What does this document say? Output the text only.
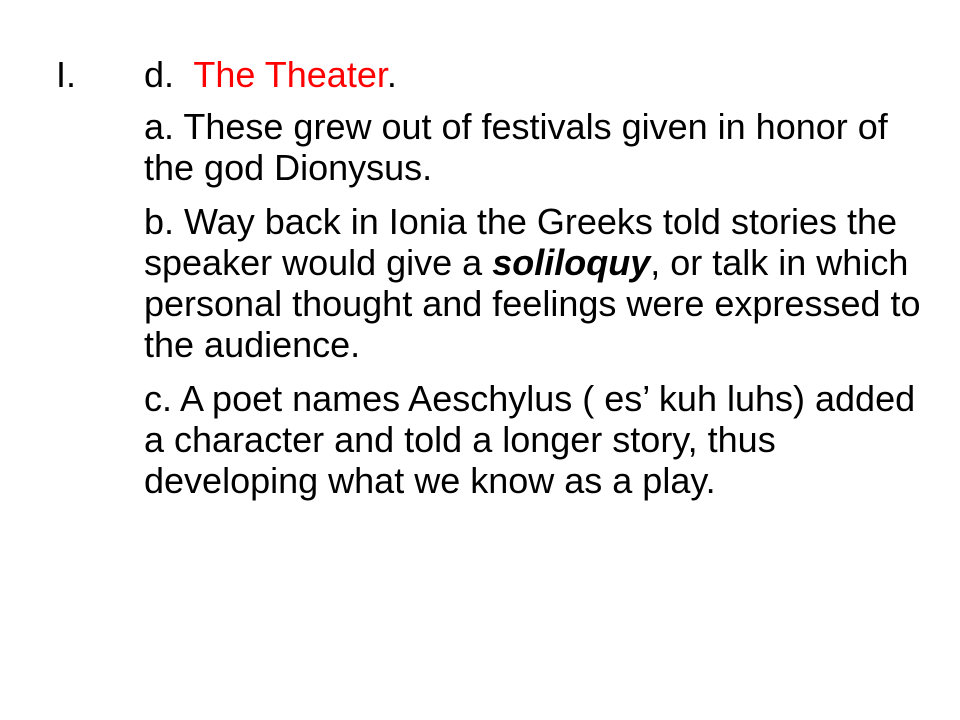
I. d. The Theater.

a. These grew out of festivals given in honor of the god Dionysus.

b. Way back in Ionia the Greeks told stories the speaker would give a soliloquy, or talk in which personal thought and feelings were expressed to the audience.

c. A poet names Aeschylus ( es’ kuh luhs) added a character and told a longer story, thus developing what we know as a play.
